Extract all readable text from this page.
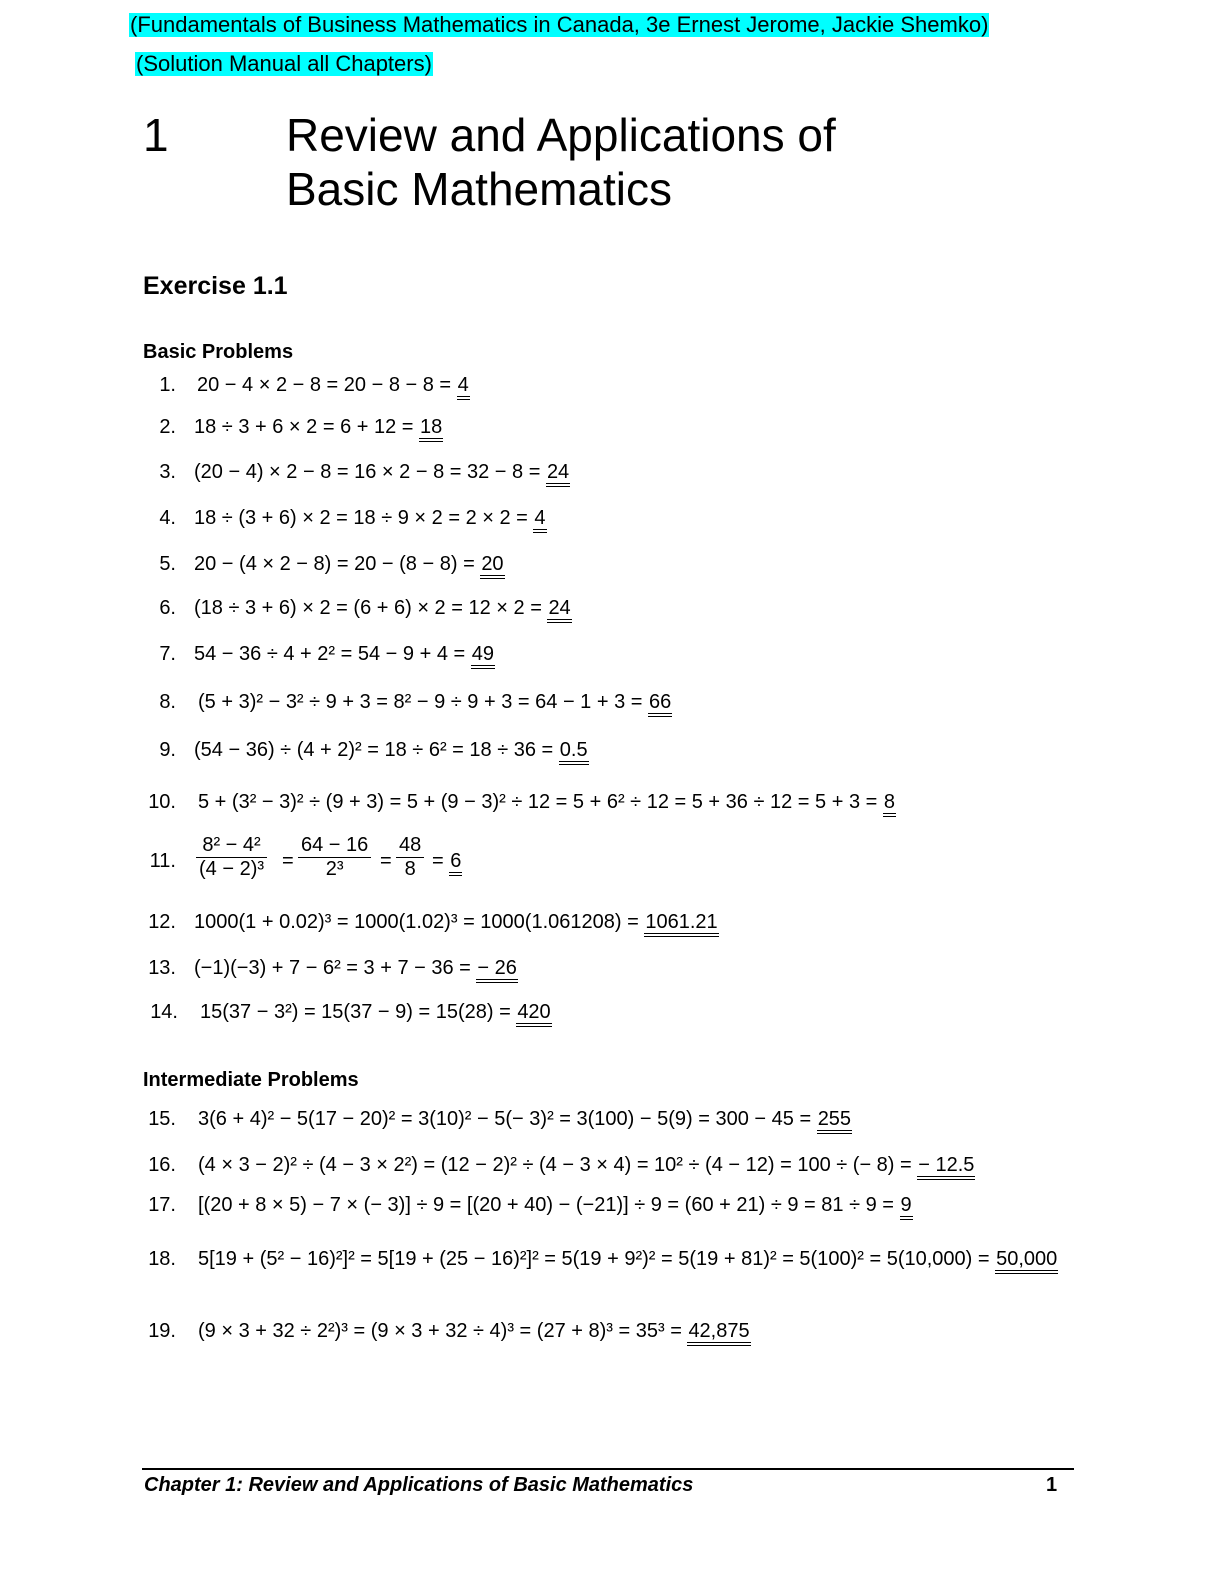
(Fundamentals of Business Mathematics in Canada, 3e Ernest Jerome, Jackie Shemko)
(Solution Manual all Chapters)
1	Review and Applications of
Basic Mathematics
Exercise 1.1
Basic Problems
1. 20 − 4 × 2 − 8 = 20 − 8 − 8 = 4
2. 18 ÷ 3 + 6 × 2 = 6 + 12 = 18
3. (20 − 4) × 2 − 8 = 16 × 2 − 8 = 32 − 8 = 24
4. 18 ÷ (3 + 6) × 2 = 18 ÷ 9 × 2 = 2 × 2 = 4
5. 20 − (4 × 2 − 8) = 20 − (8 − 8) = 20
6. (18 ÷ 3 + 6) × 2 = (6 + 6) × 2 = 12 × 2 = 24
7. 54 − 36 ÷ 4 + 2² = 54 − 9 + 4 = 49
8. (5 + 3)² − 3² ÷ 9 + 3 = 8² − 9 ÷ 9 + 3 = 64 − 1 + 3 = 66
9. (54 − 36) ÷ (4 + 2)² = 18 ÷ 6² = 18 ÷ 36 = 0.5
10. 5 + (3² − 3)² ÷ (9 + 3) = 5 + (9 − 3)² ÷ 12 = 5 + 6² ÷ 12 = 5 + 36 ÷ 12 = 5 + 3 = 8
11. $\frac{\text{8² − 4²}}{\text{(4 − 2)³}} = \frac{64 - 16}{\text{2³}} = \frac{48}{8} = 6$
12. 1000(1 + 0.02)³ = 1000(1.02)³ = 1000(1.061208) = 1061.21
13. (−1)(−3) + 7 − 6² = 3 + 7 − 36 = − 26
14. 15(37 − 3²) = 15(37 − 9) = 15(28) = 420
Intermediate Problems
15. 3(6 + 4)² − 5(17 − 20)² = 3(10)² − 5(− 3)² = 3(100) − 5(9) = 300 − 45 = 255
16. (4 × 3 − 2)² ÷ (4 − 3 × 2²) = (12 − 2)² ÷ (4 − 3 × 4) = 10² ÷ (4 − 12) = 100 ÷ (− 8) = − 12.5
17. [(20 + 8 × 5) − 7 × (− 3)] ÷ 9 = [(20 + 40) − (−21)] ÷ 9 = (60 + 21) ÷ 9 = 81 ÷ 9 = 9
18. 5[19 + (5² − 16)²]² = 5[19 + (25 − 16)²]² = 5(19 + 9²)² = 5(19 + 81)² = 5(100)² = 5(10,000) = 50,000
19. (9 × 3 + 32 ÷ 2²)³ = (9 × 3 + 32 ÷ 4)³ = (27 + 8)³ = 35³ = 42,875
Chapter 1: Review and Applications of Basic Mathematics	1
